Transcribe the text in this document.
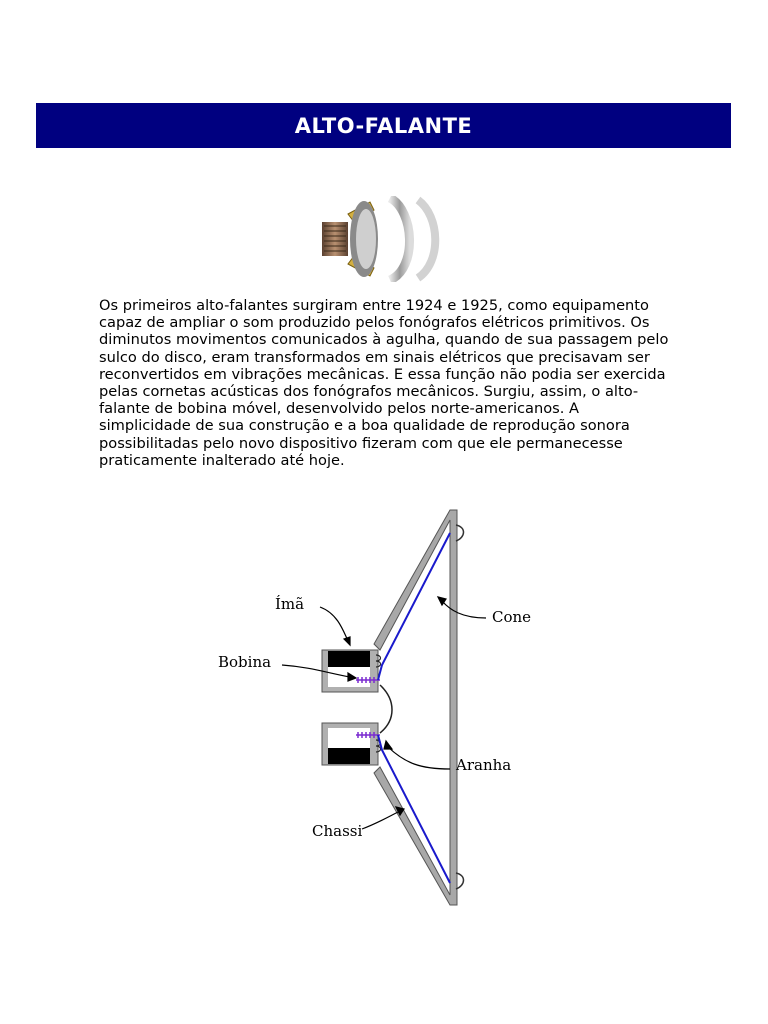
ALTO-FALANTE

Os primeiros alto-falantes surgiram entre 1924 e 1925, como equipamento capaz de ampliar o som produzido pelos fonógrafos elétricos primitivos. Os diminutos movimentos comunicados à agulha, quando de sua passagem pelo sulco do disco, eram transformados em sinais elétricos que precisavam ser reconvertidos em vibrações mecânicas. E essa função não podia ser exercida pelas cornetas acústicas dos fonógrafos mecânicos. Surgiu, assim, o alto-falante de bobina móvel, desenvolvido pelos norte-americanos. A simplicidade de sua construção e a boa qualidade de reprodução sonora possibilitadas pelo novo dispositivo fizeram com que ele permanecesse praticamente inalterado até hoje.

Ímã
Bobina
Cone
Aranha
Chassi
